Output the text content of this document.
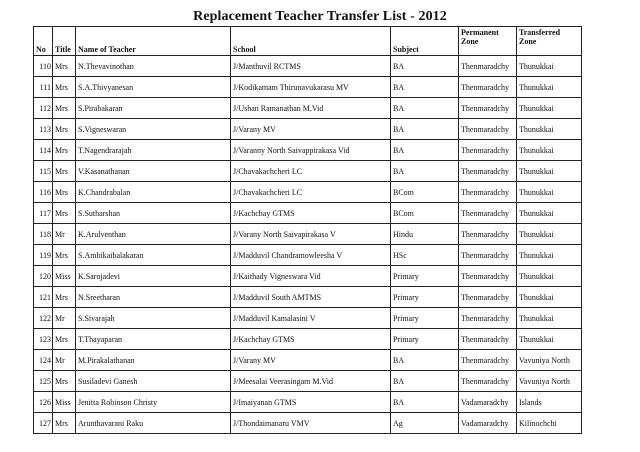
Replacement Teacher Transfer List - 2012
No	Title	Name of Teacher	School	Subject	Permanent Zone	Transferred Zone
110	Mrs	N.Thevavinothan	J/Manthuvil RCTMS	BA	Thenmaradchy	Thunukkai
111	Mrs	S.A.Thivyanesan	J/Kodikamam Thirunavukarasu MV	BA	Thenmaradchy	Thunukkai
112	Mrs	S.Pirabakaran	J/Ushan Ramanathan M.Vid	BA	Thenmaradchy	Thunukkai
113	Mrs	S.Vigneswaran	J/Varany MV	BA	Thenmaradchy	Thunukkai
114	Mrs	T.Nagendrarajah	J/Varanny North Saivappirakasa Vid	BA	Thenmaradchy	Thunukkai
115	Mrs	V.Kasanathanan	J/Chavakachcheri LC	BA	Thenmaradchy	Thunukkai
116	Mrs	K.Chandrabalan	J/Chavakachcheri LC	BCom	Thenmaradchy	Thunukkai
117	Mrs	S.Sutharshan	J/Kachchay GTMS	BCom	Thenmaradchy	Thunukkai
118	Mr	K.Arulventhan	J/Varany North Saivapirakasa V	Hindu	Thenmaradchy	Thunukkai
119	Mrs	S.Ambikaibalakaran	J/Madduvil Chandramowleesha V	HSc	Thenmaradchy	Thunukkai
120	Miss	K.Sarojadevi	J/Kaithady Vigneswara Vid	Primary	Thenmaradchy	Thunukkai
121	Mrs	N.Sreetharan	J/Madduvil South AMTMS	Primary	Thenmaradchy	Thunukkai
122	Mr	S.Sivarajah	J/Madduvil Kamalasini V	Primary	Thenmaradchy	Thunukkai
123	Mrs	T.Thayaparan	J/Kachchay GTMS	Primary	Thenmaradchy	Thunukkai
124	Mr	M.Pirakalathanan	J/Varany MV	BA	Thenmaradchy	Vavuniya North
125	Mrs	Susiladevi Ganesh	J/Meesalai Veerasingam M.Vid	BA	Thenmaradchy	Vavuniya North
126	Miss	Jenitta Robinson Christy	J/Imaiyanan GTMS	BA	Vadamaradchy	Islands
127	Mrs	Arunthavarani Raku	J/Thondaimanaru VMV	Ag	Vadamaradchy	Kilinochchi
